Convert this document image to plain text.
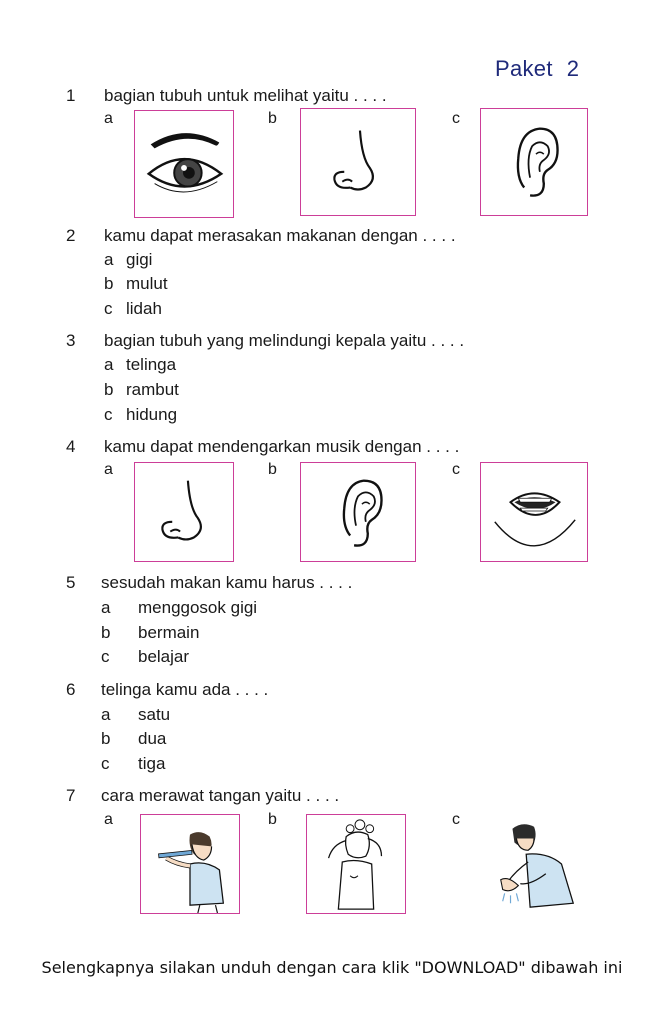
Paket 2
1 bagian tubuh untuk melihat yaitu . . . .
a	b	c
2 kamu dapat merasakan makanan dengan . . . .
a gigi
b mulut
c lidah
3 bagian tubuh yang melindungi kepala yaitu . . . .
a telinga
b rambut
c hidung
4 kamu dapat mendengarkan musik dengan . . . .
a	b	c
5 sesudah makan kamu harus . . . .
a menggosok gigi
b bermain
c belajar
6 telinga kamu ada . . . .
a satu
b dua
c tiga
7 cara merawat tangan yaitu . . . .
a	b	c
Selengkapnya silakan unduh dengan cara klik "DOWNLOAD" dibawah ini
